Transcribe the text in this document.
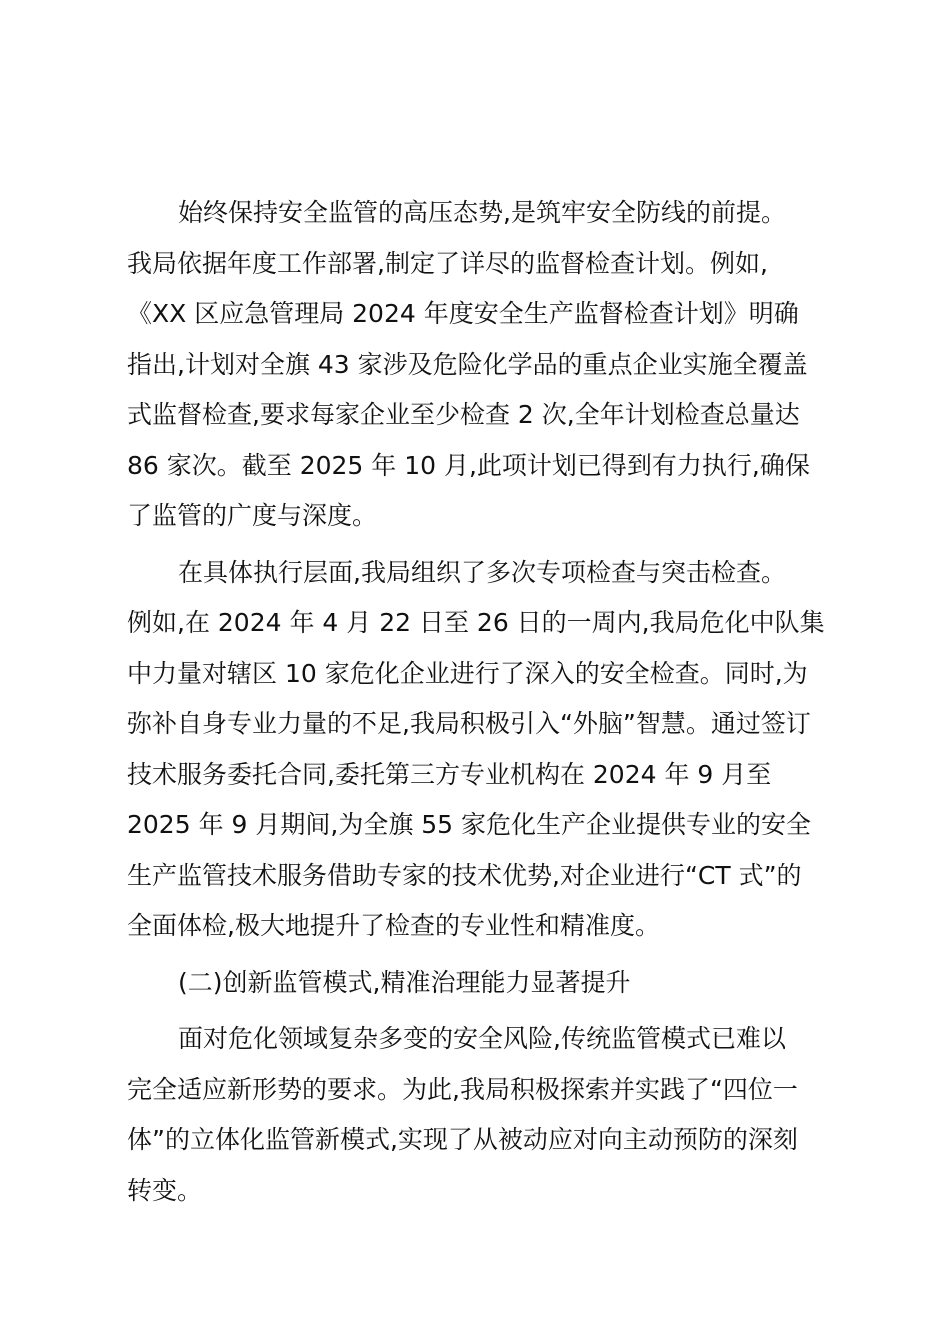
始终保持安全监管的高压态势,是筑牢安全防线的前提。
我局依据年度工作部署,制定了详尽的监督检查计划。例如,
《XX 区应急管理局 2024 年度安全生产监督检查计划》明确
指出,计划对全旗 43 家涉及危险化学品的重点企业实施全覆盖
式监督检查,要求每家企业至少检查 2 次,全年计划检查总量达
86 家次。截至 2025 年 10 月,此项计划已得到有力执行,确保
了监管的广度与深度。
在具体执行层面,我局组织了多次专项检查与突击检查。
例如,在 2024 年 4 月 22 日至 26 日的一周内,我局危化中队集
中力量对辖区 10 家危化企业进行了深入的安全检查。同时,为
弥补自身专业力量的不足,我局积极引入“外脑”智慧。通过签订
技术服务委托合同,委托第三方专业机构在 2024 年 9 月至
2025 年 9 月期间,为全旗 55 家危化生产企业提供专业的安全
生产监管技术服务借助专家的技术优势,对企业进行“CT 式”的
全面体检,极大地提升了检查的专业性和精准度。
(二)创新监管模式,精准治理能力显著提升
面对危化领域复杂多变的安全风险,传统监管模式已难以
完全适应新形势的要求。为此,我局积极探索并实践了“四位一
体”的立体化监管新模式,实现了从被动应对向主动预防的深刻
转变。
